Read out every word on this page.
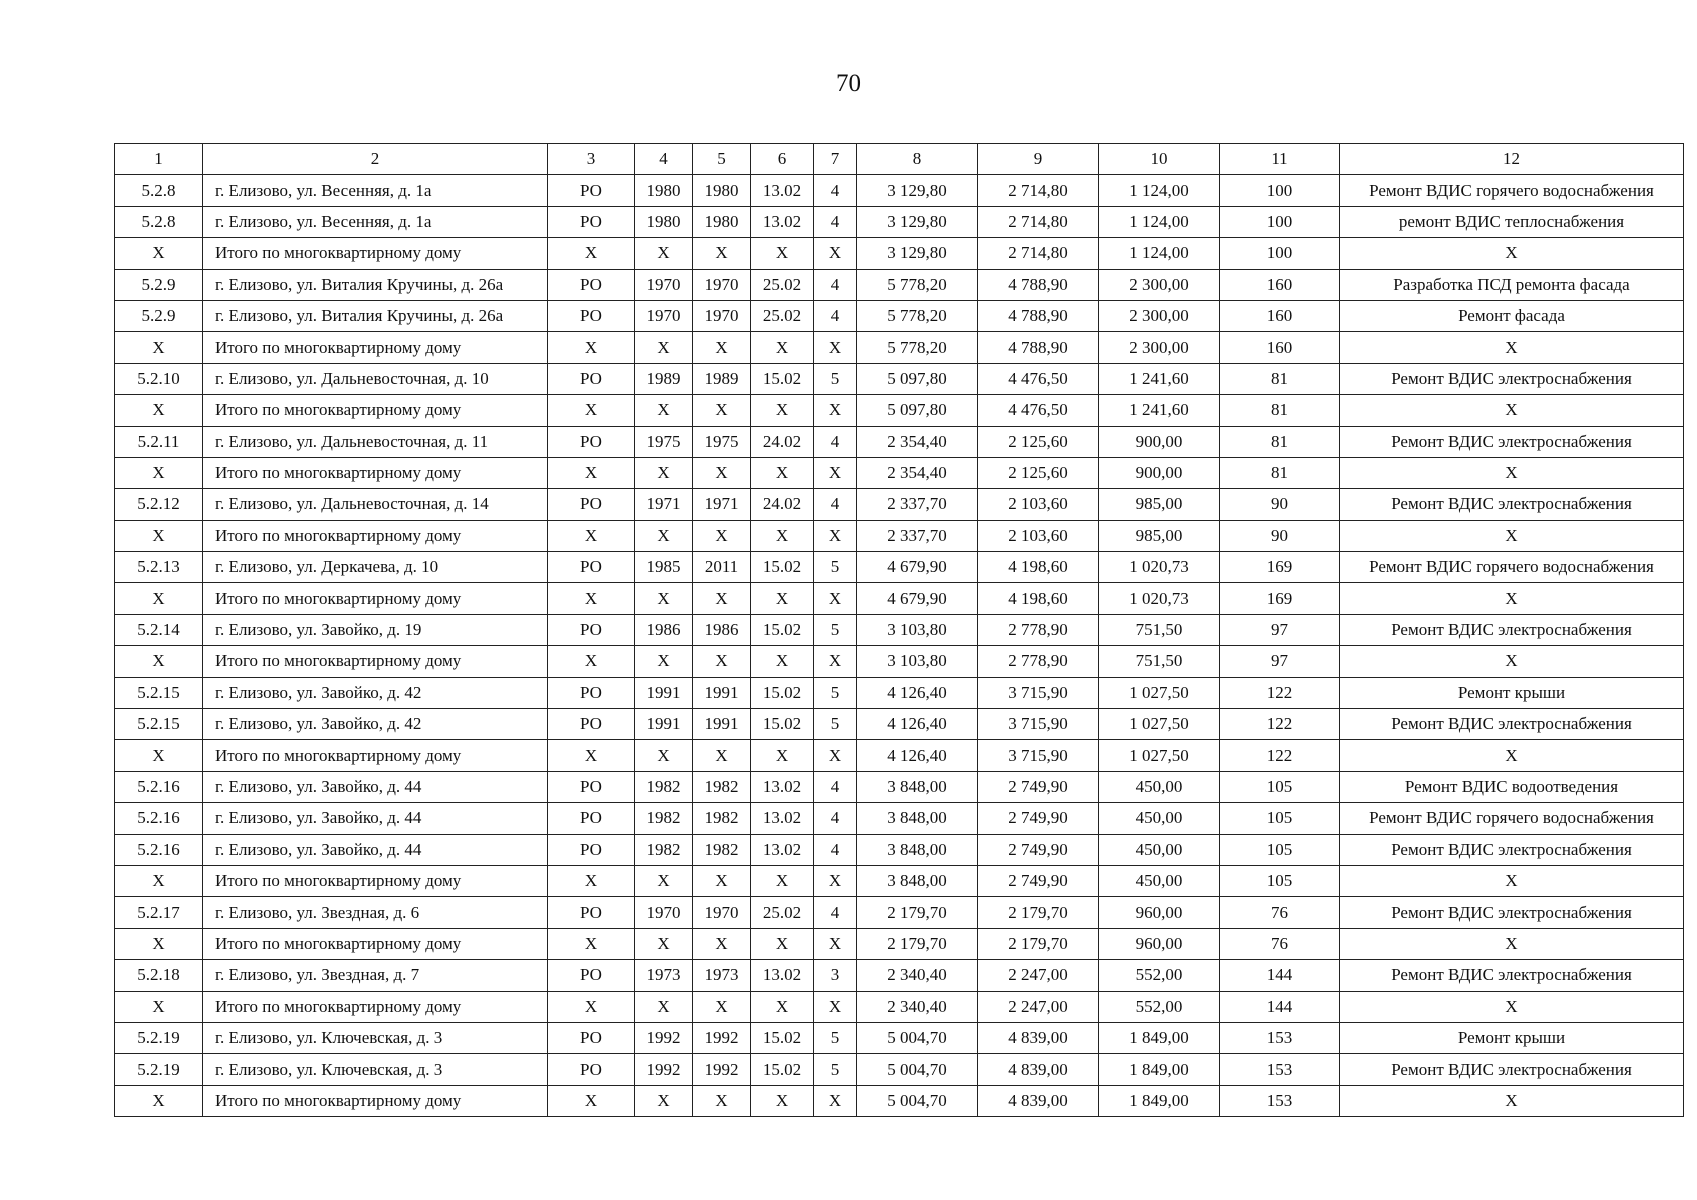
70
1	2	3	4	5	6	7	8	9	10	11	12
5.2.8	г. Елизово, ул. Весенняя, д. 1а	РО	1980	1980	13.02	4	3 129,80	2 714,80	1 124,00	100	Ремонт ВДИС горячего водоснабжения
5.2.8	г. Елизово, ул. Весенняя, д. 1а	РО	1980	1980	13.02	4	3 129,80	2 714,80	1 124,00	100	ремонт ВДИС теплоснабжения
Х	Итого по многоквартирному дому	Х	Х	Х	Х	Х	3 129,80	2 714,80	1 124,00	100	Х
5.2.9	г. Елизово, ул. Виталия Кручины, д. 26а	РО	1970	1970	25.02	4	5 778,20	4 788,90	2 300,00	160	Разработка ПСД ремонта фасада
5.2.9	г. Елизово, ул. Виталия Кручины, д. 26а	РО	1970	1970	25.02	4	5 778,20	4 788,90	2 300,00	160	Ремонт фасада
Х	Итого по многоквартирному дому	Х	Х	Х	Х	Х	5 778,20	4 788,90	2 300,00	160	Х
5.2.10	г. Елизово, ул. Дальневосточная, д. 10	РО	1989	1989	15.02	5	5 097,80	4 476,50	1 241,60	81	Ремонт ВДИС электроснабжения
Х	Итого по многоквартирному дому	Х	Х	Х	Х	Х	5 097,80	4 476,50	1 241,60	81	Х
5.2.11	г. Елизово, ул. Дальневосточная, д. 11	РО	1975	1975	24.02	4	2 354,40	2 125,60	900,00	81	Ремонт ВДИС электроснабжения
Х	Итого по многоквартирному дому	Х	Х	Х	Х	Х	2 354,40	2 125,60	900,00	81	Х
5.2.12	г. Елизово, ул. Дальневосточная, д. 14	РО	1971	1971	24.02	4	2 337,70	2 103,60	985,00	90	Ремонт ВДИС электроснабжения
Х	Итого по многоквартирному дому	Х	Х	Х	Х	Х	2 337,70	2 103,60	985,00	90	Х
5.2.13	г. Елизово, ул. Деркачева, д. 10	РО	1985	2011	15.02	5	4 679,90	4 198,60	1 020,73	169	Ремонт ВДИС горячего водоснабжения
Х	Итого по многоквартирному дому	Х	Х	Х	Х	Х	4 679,90	4 198,60	1 020,73	169	Х
5.2.14	г. Елизово, ул. Завойко, д. 19	РО	1986	1986	15.02	5	3 103,80	2 778,90	751,50	97	Ремонт ВДИС электроснабжения
Х	Итого по многоквартирному дому	Х	Х	Х	Х	Х	3 103,80	2 778,90	751,50	97	Х
5.2.15	г. Елизово, ул. Завойко, д. 42	РО	1991	1991	15.02	5	4 126,40	3 715,90	1 027,50	122	Ремонт крыши
5.2.15	г. Елизово, ул. Завойко, д. 42	РО	1991	1991	15.02	5	4 126,40	3 715,90	1 027,50	122	Ремонт ВДИС электроснабжения
Х	Итого по многоквартирному дому	Х	Х	Х	Х	Х	4 126,40	3 715,90	1 027,50	122	Х
5.2.16	г. Елизово, ул. Завойко, д. 44	РО	1982	1982	13.02	4	3 848,00	2 749,90	450,00	105	Ремонт ВДИС водоотведения
5.2.16	г. Елизово, ул. Завойко, д. 44	РО	1982	1982	13.02	4	3 848,00	2 749,90	450,00	105	Ремонт ВДИС горячего водоснабжения
5.2.16	г. Елизово, ул. Завойко, д. 44	РО	1982	1982	13.02	4	3 848,00	2 749,90	450,00	105	Ремонт ВДИС электроснабжения
Х	Итого по многоквартирному дому	Х	Х	Х	Х	Х	3 848,00	2 749,90	450,00	105	Х
5.2.17	г. Елизово, ул. Звездная, д. 6	РО	1970	1970	25.02	4	2 179,70	2 179,70	960,00	76	Ремонт ВДИС электроснабжения
Х	Итого по многоквартирному дому	Х	Х	Х	Х	Х	2 179,70	2 179,70	960,00	76	Х
5.2.18	г. Елизово, ул. Звездная, д. 7	РО	1973	1973	13.02	3	2 340,40	2 247,00	552,00	144	Ремонт ВДИС электроснабжения
Х	Итого по многоквартирному дому	Х	Х	Х	Х	Х	2 340,40	2 247,00	552,00	144	Х
5.2.19	г. Елизово, ул. Ключевская, д. 3	РО	1992	1992	15.02	5	5 004,70	4 839,00	1 849,00	153	Ремонт крыши
5.2.19	г. Елизово, ул. Ключевская, д. 3	РО	1992	1992	15.02	5	5 004,70	4 839,00	1 849,00	153	Ремонт ВДИС электроснабжения
Х	Итого по многоквартирному дому	Х	Х	Х	Х	Х	5 004,70	4 839,00	1 849,00	153	Х
